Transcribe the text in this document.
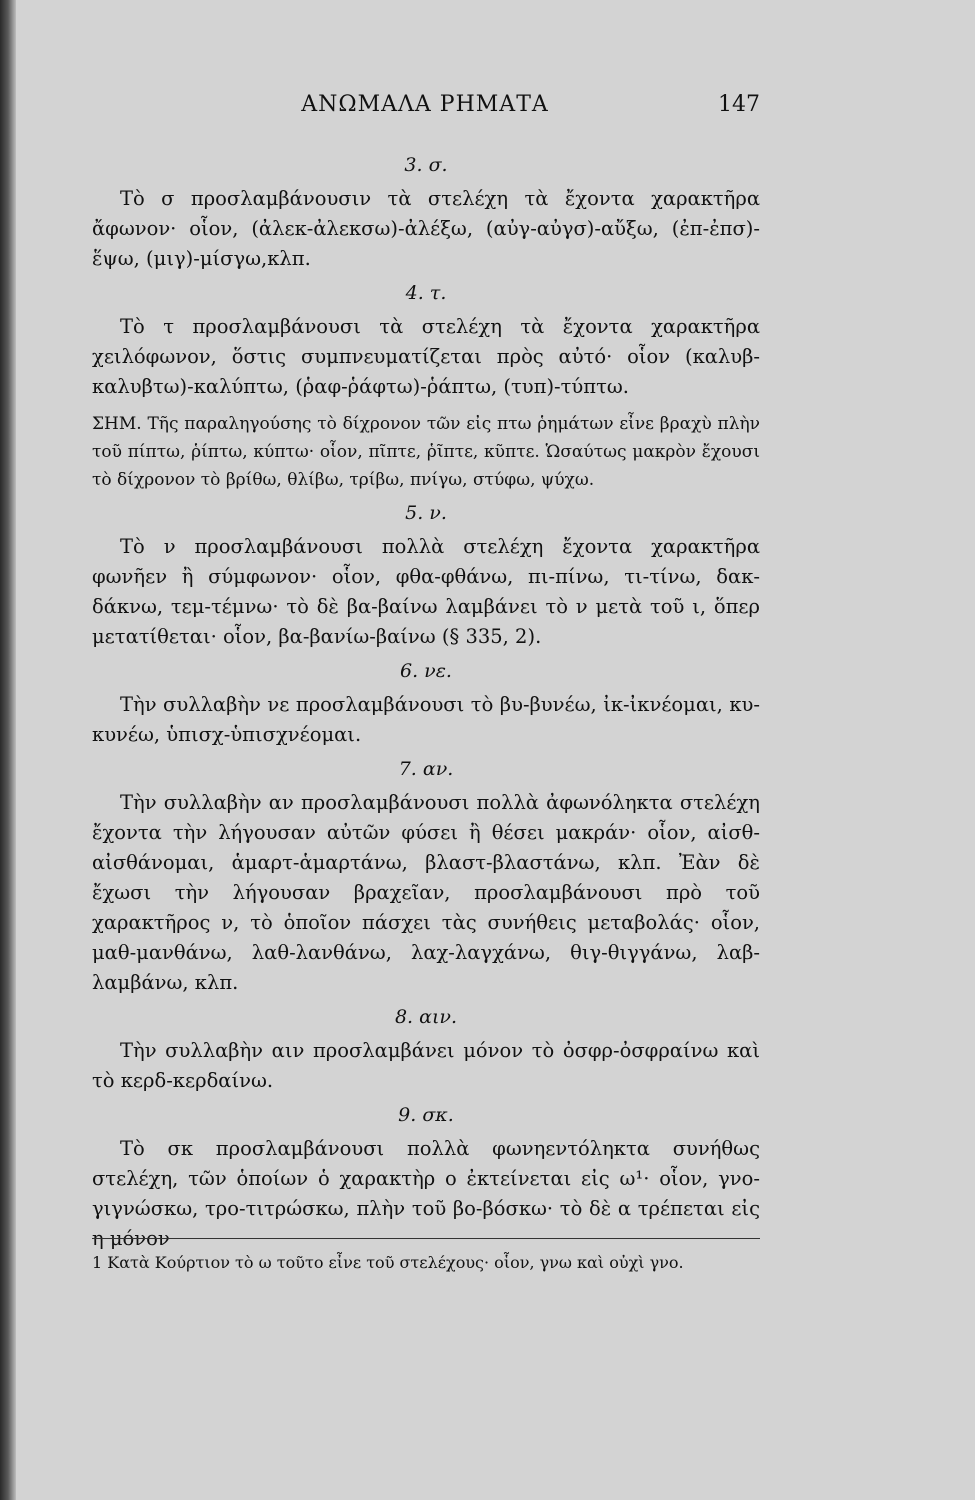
ΑΝΩΜΑΛΑ ΡΗΜΑΤΑ	147
3. σ.

Τὸ σ προσλαμβάνουσιν τὰ στελέχη τὰ ἔχοντα χαρακτῆρα ἄφωνον· οἷον, (ἀλεκ-ἀλεκσω)-ἀλέξω, (αὐγ-αὐγσ)-αὔξω, (ἐπ-ἐπσ)-ἕψω, (μιγ)-μίσγω,κλπ.

4. τ.

Τὸ τ προσλαμβάνουσι τὰ στελέχη τὰ ἔχοντα χαρακτῆρα χειλόφωνον, ὅστις συμπνευματίζεται πρὸς αὐτό· οἷον (καλυβ-καλυβτω)-καλύπτω, (ῥαφ-ῥάφτω)-ῥάπτω, (τυπ)-τύπτω.

ΣΗΜ. Τῆς παραληγούσης τὸ δίχρονον τῶν εἰς πτω ῥημάτων εἶνε βραχὺ πλὴν τοῦ πίπτω, ῥίπτω, κύπτω· οἷον, πῖπτε, ῥῖπτε, κῦπτε. Ὡσαύτως μακρὸν ἔχουσι τὸ δίχρονον τὸ βρίθω, θλίβω, τρίβω, πνίγω, στύφω, ψύχω.

5. ν.

Τὸ ν προσλαμβάνουσι πολλὰ στελέχη ἔχοντα χαρακτῆρα φωνῆεν ἢ σύμφωνον· οἷον, φθα-φθάνω, πι-πίνω, τι-τίνω, δακ-δάκνω, τεμ-τέμνω· τὸ δὲ βα-βαίνω λαμβάνει τὸ ν μετὰ τοῦ ι, ὅπερ μετατίθεται· οἷον, βα-βανίω-βαίνω (§ 335, 2).

6. νε.

Τὴν συλλαβὴν νε προσλαμβάνουσι τὸ βυ-βυνέω, ἰκ-ἰκνέομαι, κυ-κυνέω, ὑπισχ-ὑπισχνέομαι.

7. αν.

Τὴν συλλαβὴν αν προσλαμβάνουσι πολλὰ ἀφωνόληκτα στελέχη ἔχοντα τὴν λήγουσαν αὐτῶν φύσει ἢ θέσει μακράν· οἷον, αἰσθ-αἰσθάνομαι, ἁμαρτ-ἁμαρτάνω, βλαστ-βλαστάνω, κλπ. Ἐὰν δὲ ἔχωσι τὴν λήγουσαν βραχεῖαν, προσλαμβάνουσι πρὸ τοῦ χαρακτῆρος ν, τὸ ὁποῖον πάσχει τὰς συνήθεις μεταβολάς· οἷον, μαθ-μανθάνω, λαθ-λανθάνω, λαχ-λαγχάνω, θιγ-θιγγάνω, λαβ-λαμβάνω, κλπ.

8. αιν.

Τὴν συλλαβὴν αιν προσλαμβάνει μόνον τὸ ὀσφρ-ὀσφραίνω καὶ τὸ κερδ-κερδαίνω.

9. σκ.

Τὸ σκ προσλαμβάνουσι πολλὰ φωνηεντόληκτα συνήθως στελέχη, τῶν ὁποίων ὁ χαρακτὴρ ο ἐκτείνεται εἰς ω¹· οἷον, γνο-γιγνώσκω, τρο-τιτρώσκω, πλὴν τοῦ βο-βόσκω· τὸ δὲ α τρέπεται εἰς η μόνον

1 Κατὰ Κούρτιον τὸ ω τοῦτο εἶνε τοῦ στελέχους· οἷον, γνω καὶ οὐχὶ γνο.
